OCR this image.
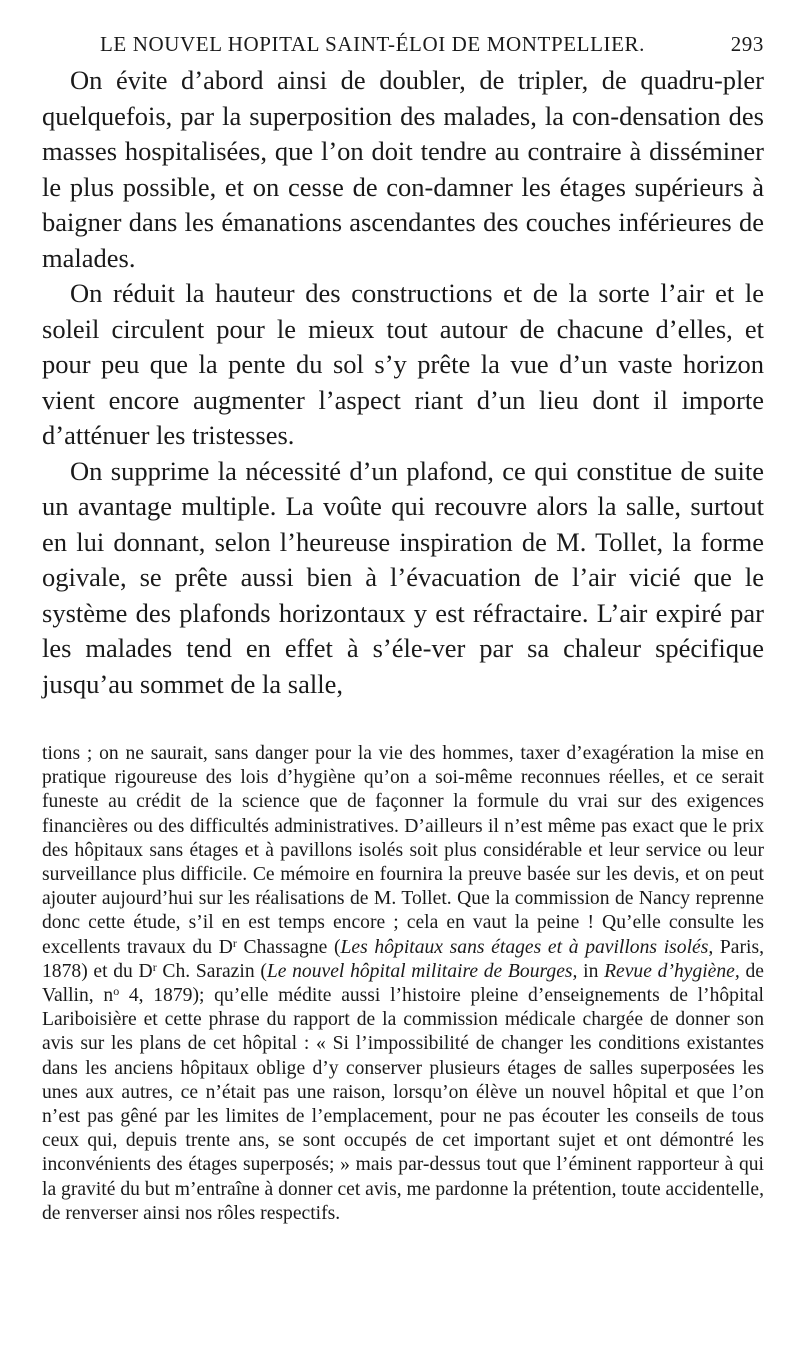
LE NOUVEL HOPITAL SAINT-ÉLOI DE MONTPELLIER.	293

On évite d’abord ainsi de doubler, de tripler, de quadru-pler quelquefois, par la superposition des malades, la con-densation des masses hospitalisées, que l’on doit tendre au contraire à disséminer le plus possible, et on cesse de con-damner les étages supérieurs à baigner dans les émanations ascendantes des couches inférieures de malades.

On réduit la hauteur des constructions et de la sorte l’air et le soleil circulent pour le mieux tout autour de chacune d’elles, et pour peu que la pente du sol s’y prête la vue d’un vaste horizon vient encore augmenter l’aspect riant d’un lieu dont il importe d’atténuer les tristesses.

On supprime la nécessité d’un plafond, ce qui constitue de suite un avantage multiple. La voûte qui recouvre alors la salle, surtout en lui donnant, selon l’heureuse inspiration de M. Tollet, la forme ogivale, se prête aussi bien à l’évacuation de l’air vicié que le système des plafonds horizontaux y est réfractaire. L’air expiré par les malades tend en effet à s’éle-ver par sa chaleur spécifique jusqu’au sommet de la salle,

tions ; on ne saurait, sans danger pour la vie des hommes, taxer d’exagération la mise en pratique rigoureuse des lois d’hygiène qu’on a soi-même reconnues réelles, et ce serait funeste au crédit de la science que de façonner la formule du vrai sur des exigences financières ou des difficultés administratives. D’ailleurs il n’est même pas exact que le prix des hôpitaux sans étages et à pavillons isolés soit plus considérable et leur service ou leur surveillance plus difficile. Ce mémoire en fournira la preuve basée sur les devis, et on peut ajouter aujourd’hui sur les réalisations de M. Tollet. Que la commission de Nancy reprenne donc cette étude, s’il en est temps encore ; cela en vaut la peine ! Qu’elle consulte les excellents travaux du $D^r$ Chassagne (Les hôpitaux sans étages et à pavillons isolés, Paris, 1878) et du $D^r$ Ch. Sarazin (Le nouvel hôpital militaire de Bourges, in Revue d’hygiène, de Vallin, $n^o$ 4, 1879); qu’elle médite aussi l’histoire pleine d’enseignements de l’hôpital Lariboisière et cette phrase du rapport de la commission médicale chargée de donner son avis sur les plans de cet hôpital : « Si l’impossibilité de changer les conditions existantes dans les anciens hôpitaux oblige d’y conserver plusieurs étages de salles superposées les unes aux autres, ce n’était pas une raison, lorsqu’on élève un nouvel hôpital et que l’on n’est pas gêné par les limites de l’emplacement, pour ne pas écouter les conseils de tous ceux qui, depuis trente ans, se sont occupés de cet important sujet et ont démontré les inconvénients des étages superposés; » mais par-dessus tout que l’éminent rapporteur à qui la gravité du but m’entraîne à donner cet avis, me pardonne la prétention, toute accidentelle, de renverser ainsi nos rôles respectifs.
